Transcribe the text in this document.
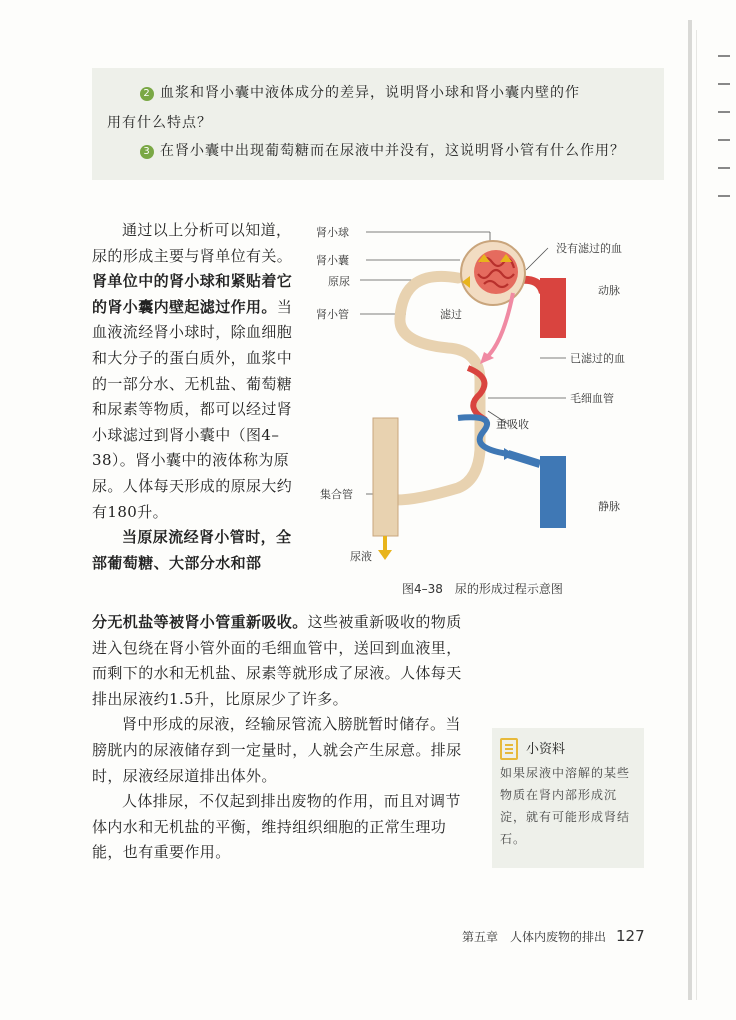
2 血浆和肾小囊中液体成分的差异，说明肾小球和肾小囊内壁的作
用有什么特点？
3 在肾小囊中出现葡萄糖而在尿液中并没有，这说明肾小管有什么作用？

通过以上分析可以知道，尿的形成主要与肾单位有关。肾单位中的肾小球和紧贴着它的肾小囊内壁起滤过作用。当血液流经肾小球时，除血细胞和大分子的蛋白质外，血浆中的一部分水、无机盐、葡萄糖和尿素等物质，都可以经过肾小球滤过到肾小囊中（图4–38）。肾小囊中的液体称为原尿。人体每天形成的原尿大约有180升。

当原尿流经肾小管时，全部葡萄糖、大部分水和部

分无机盐等被肾小管重新吸收。这些被重新吸收的物质进入包绕在肾小管外面的毛细血管中，送回到血液里，而剩下的水和无机盐、尿素等就形成了尿液。人体每天排出尿液约1.5升，比原尿少了许多。

肾中形成的尿液，经输尿管流入膀胱暂时储存。当膀胱内的尿液储存到一定量时，人就会产生尿意。排尿时，尿液经尿道排出体外。

人体排尿，不仅起到排出废物的作用，而且对调节体内水和无机盐的平衡，维持组织细胞的正常生理功能，也有重要作用。

肾小球
肾小囊
原尿
肾小管	滤过
没有滤过的血
动脉
已滤过的血
毛细血管
重吸收
集合管
静脉
尿液
图4–38　尿的形成过程示意图
小资料
如果尿液中溶解的某些物质在肾内部形成沉淀，就有可能形成肾结石。
第五章　人体内废物的排出 127
